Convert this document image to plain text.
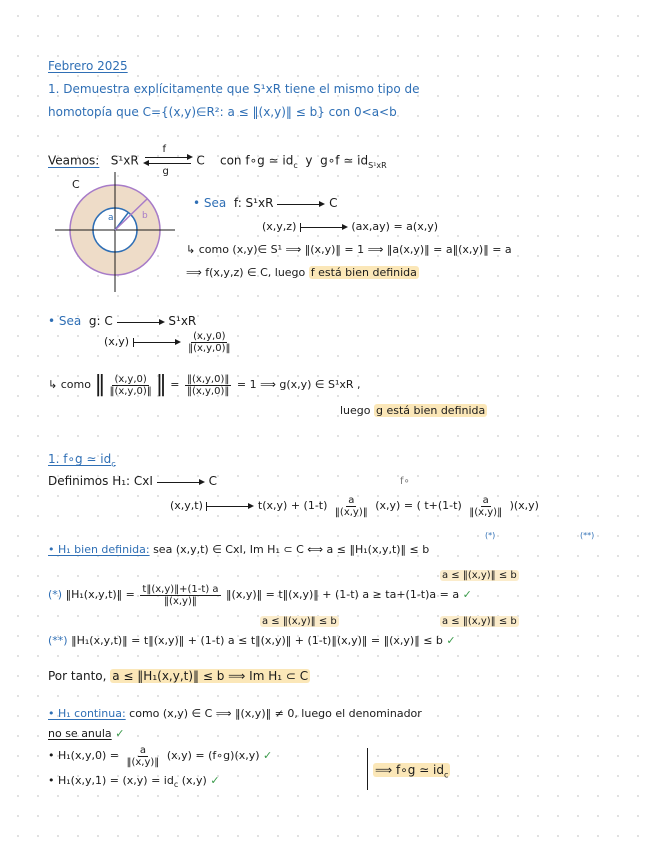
Febrero 2025
1. Demuestra explícitamente que S¹xR tiene el mismo tipo de
homotopía que C={(x,y)∈R²: a ≤ ‖(x,y)‖ ≤ b} con 0<a<b
Veamos: S¹xR
f
g
C con f∘g ≃ $id_c$ y g∘f ≃ $id_{S^1xR}$
C
a	b
• Sea f: S¹xR	C
(x,y,z)	(ax,ay) = a(x,y)
↳ como (x,y)∈ S¹ ⟹ ‖(x,y)‖ = 1 ⟹ ‖a(x,y)‖ = a‖(x,y)‖ = a
⟹ f(x,y,z) ∈ C, luego f está bien definida
• Sea g: C	S¹xR
(x,y)
	$\frac{(x,y,0)}{‖(x,y,0)‖}$
↳ como ‖ $\frac{(x,y,0)}{‖(x,y,0)‖}$ ‖ = $\frac{‖(x,y,0)‖}{‖(x,y,0)‖} = 1$ ⟹ g(x,y) ∈ S¹xR ,
luego g está bien definida
1. f∘g ≃ $id_c$
Definimos H₁: CxI	C	f∘
(x,y,t)	$t(x,y) + (1-t) \frac{a}{‖(x,y)‖} (x,y)$ = ( $t+(1-t) \frac{a}{‖(x,y)‖} )(x,y)$
(*)	(**)
• H₁ bien definida: sea (x,y,t) ∈ CxI, Im H₁ ⊂ C ⟺ a ≤ ‖H₁(x,y,t)‖ ≤ b
a ≤ ‖(x,y)‖ ≤ b
(*) ‖H₁(x,y,t)‖ = $\frac{t‖(x,y)‖+(1-t) a}{‖(x,y)‖}$ ‖(x,y)‖ = t‖(x,y)‖ + (1-t) a ≥ ta+(1-t)a = a ✓
a ≤ ‖(x,y)‖ ≤ b	a ≤ ‖(x,y)‖ ≤ b
(**) ‖H₁(x,y,t)‖ = t‖(x,y)‖ + (1-t) a ≤ t‖(x,y)‖ + (1-t)‖(x,y)‖ = ‖(x,y)‖ ≤ b ✓
Por tanto, a ≤ ‖H₁(x,y,t)‖ ≤ b ⟹ Im H₁ ⊂ C
• H₁ continua: como (x,y) ∈ C ⟹ ‖(x,y)‖ ≠ 0, luego el denominador
no se anula ✓
• $H_1(x,y,0) = \frac{a}{‖(x,y)‖} (x,y)$ = (f∘g)(x,y) ✓
• $H_1(x,y,1) = (x,y) = id_c$ (x,y) ✓
⟹ f∘g ≃ $id_c$
